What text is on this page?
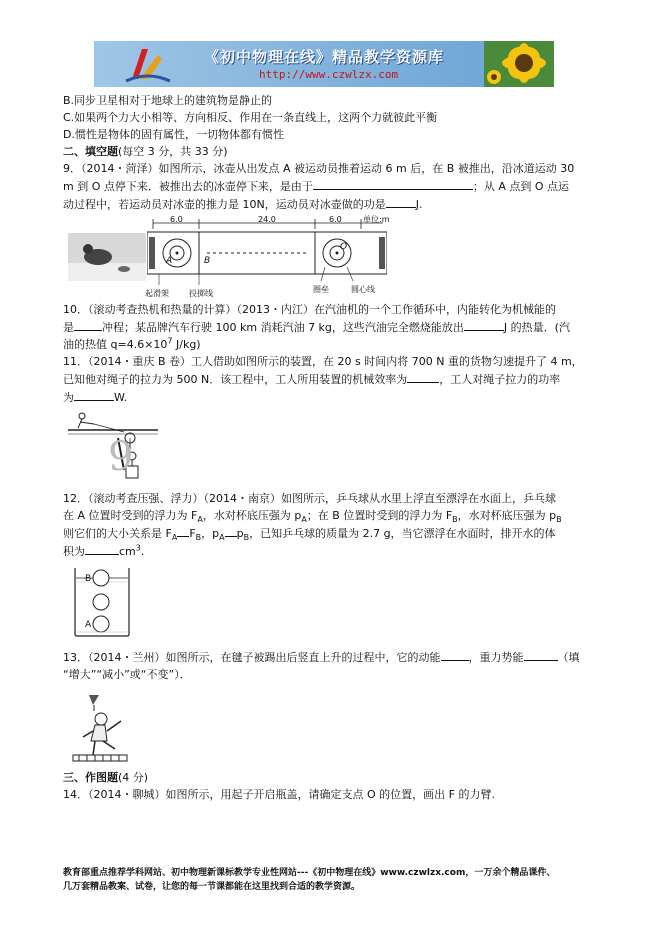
《初中物理在线》精品教学资源库
http://www.czwlzx.com
B.同步卫星相对于地球上的建筑物是静止的
C.如果两个力大小相等、方向相反、作用在一条直线上，这两个力就彼此平衡
D.惯性是物体的固有属性，一切物体都有惯性
二、填空题(每空 3 分，共 33 分)
9．（2014・菏泽）如图所示，冰壶从出发点 A 被运动员推着运动 6 m 后，在 B 被推出，沿冰道运动 30
m 到 O 点停下来．被推出去的冰壶停下来，是由于	；从 A 点到 O 点运
动过程中，若运动员对冰壶的推力是 10N，运动员对冰壶做的功是	J.
6.0	24.0	6.0	单位:m
A	B
O
起滑架	投掷线	圈垒	圆心线
10．（滚动考查热机和热量的计算）（2013・内江）在汽油机的一个工作循环中，内能转化为机械能的
是	冲程；某品牌汽车行驶 100 km 消耗汽油 7 kg，这些汽油完全燃烧能放出	J 的热量．(汽
油的热值 $q=4.6\times 10^7$ J/kg)
11．（2014・重庆 B 卷）工人借助如图所示的装置，在 20 s 时间内将 700 N 重的货物匀速提升了 4 m，
已知他对绳子的拉力为 500 N．该工程中，工人所用装置的机械效率为	，工人对绳子拉力的功率
为	W.
9
12．（滚动考查压强、浮力）（2014・南京）如图所示，乒乓球从水里上浮直至漂浮在水面上，乒乓球
在 A 位置时受到的浮力为 $F_A$，水对杯底压强为 $p_A$；在 B 位置时受到的浮力为 $F_B$，水对杯底压强为 $p_B$
则它们的大小关系是 $F_A$ $F_B$，$p_A$ $p_B$，已知乒乓球的质量为 2.7 g，当它漂浮在水面时，排开水的体
积为	$cm^3$.
B
A
13．（2014・兰州）如图所示，在毽子被踢出后竖直上升的过程中，它的动能	，重力势能	（填
“增大”“减小”或“不变”）．
三、作图题(4 分)
14．（2014・聊城）如图所示，用起子开启瓶盖，请确定支点 O 的位置，画出 F 的力臂.
教育部重点推荐学科网站、初中物理新课标教学专业性网站---《初中物理在线》www.czwlzx.com，一万余个精品课件、
几万套精品教案、试卷，让您的每一节课都能在这里找到合适的教学资源。
